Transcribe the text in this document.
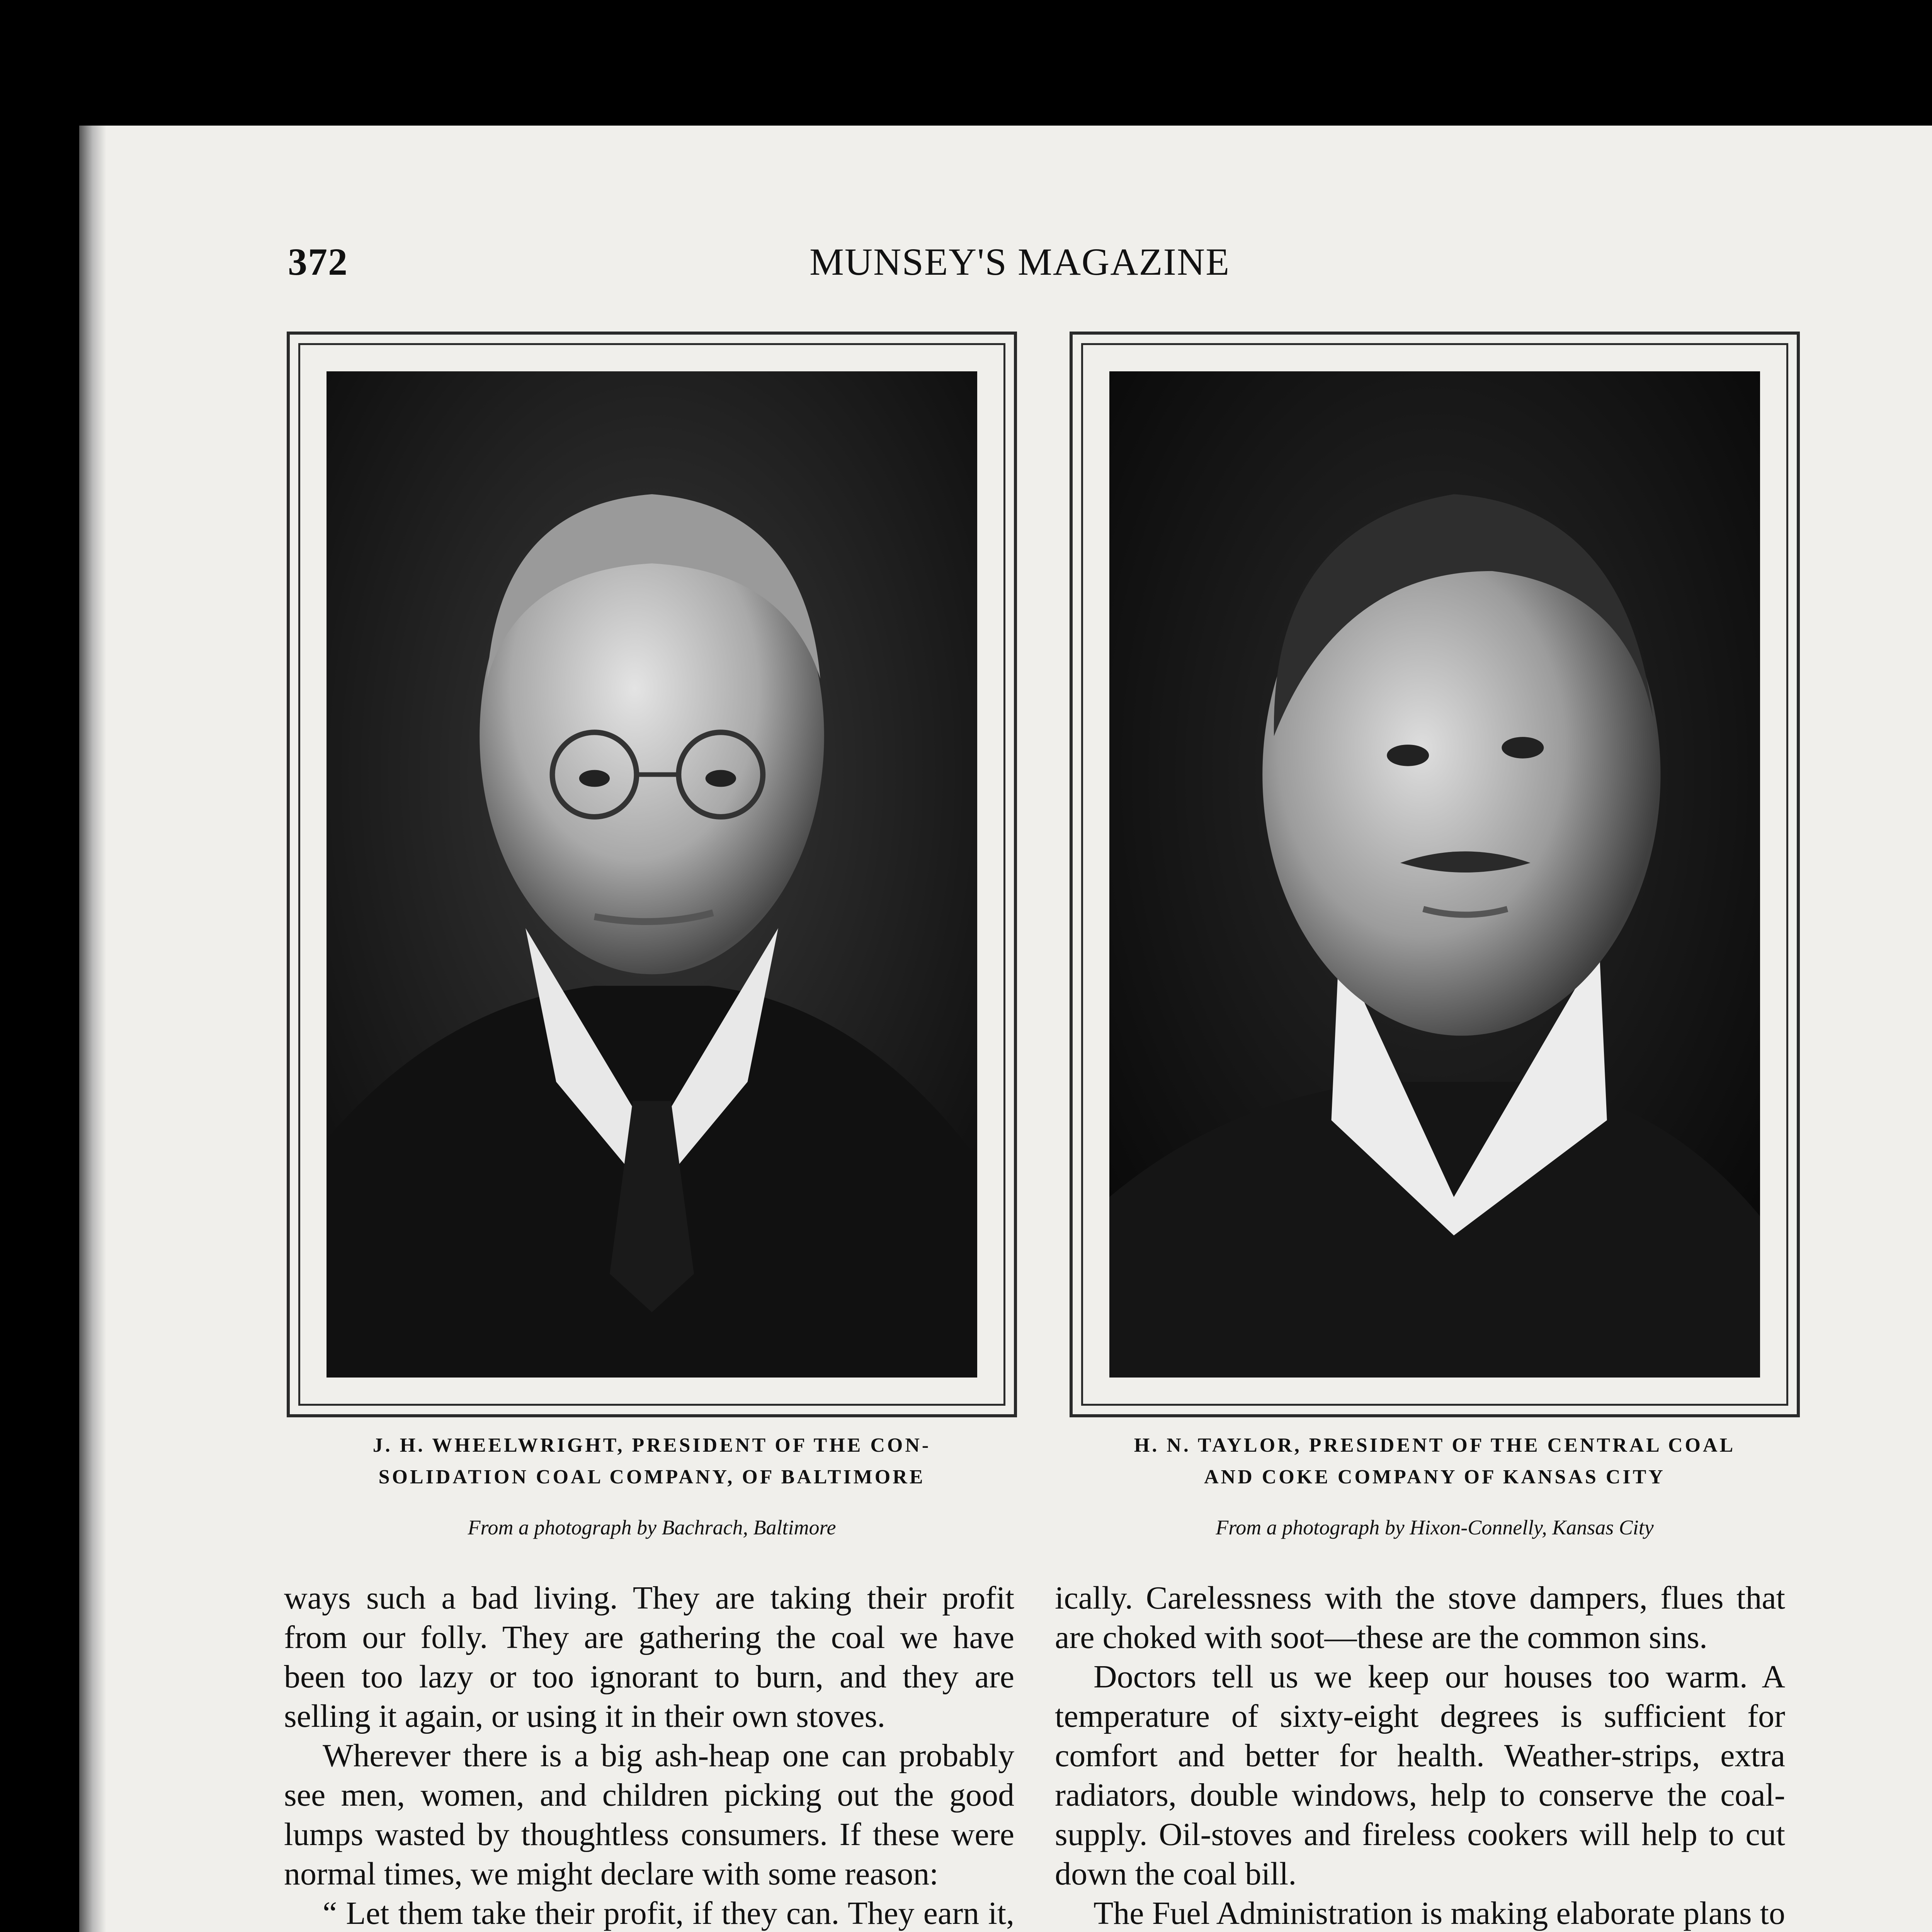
372	MUNSEY'S MAGAZINE
J. H. WHEELWRIGHT, PRESIDENT OF THE CON-
SOLIDATION COAL COMPANY, OF BALTIMORE
From a photograph by Bachrach, Baltimore
H. N. TAYLOR, PRESIDENT OF THE CENTRAL COAL
AND COKE COMPANY OF KANSAS CITY
From a photograph by Hixon-Connelly, Kansas City

ways such a bad living. They are taking their profit from our folly. They are gathering the coal we have been too lazy or too ignorant to burn, and they are selling it again, or using it in their own stoves.

Wherever there is a big ash-heap one can probably see men, women, and children picking out the good lumps wasted by thoughtless consumers. If these were normal times, we might declare with some reason:

“ Let them take their profit, if they can. They earn it,

ically. Carelessness with the stove dampers, flues that are choked with soot—these are the common sins.

Doctors tell us we keep our houses too warm. A temperature of sixty-eight degrees is sufficient for comfort and better for health. Weather-strips, extra radiators, double windows, help to conserve the coal-supply. Oil-stoves and fireless cookers will help to cut down the coal bill.

The Fuel Administration is making elaborate plans to
